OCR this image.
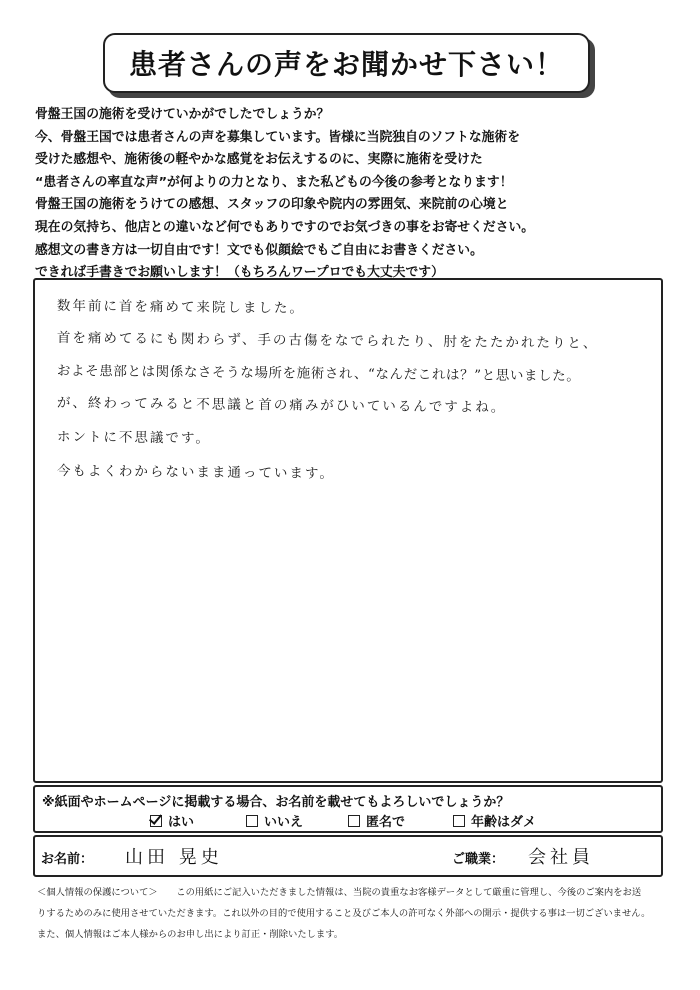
患者さんの声をお聞かせ下さい！
骨盤王国の施術を受けていかがでしたでしょうか？
今、骨盤王国では患者さんの声を募集しています。皆様に当院独自のソフトな施術を
受けた感想や、施術後の軽やかな感覚をお伝えするのに、実際に施術を受けた
“患者さんの率直な声”が何よりの力となり、また私どもの今後の参考となります！
骨盤王国の施術をうけての感想、スタッフの印象や院内の雰囲気、来院前の心境と
現在の気持ち、他店との違いなど何でもありですのでお気づきの事をお寄せください。
感想文の書き方は一切自由です！文でも似顔絵でもご自由にお書きください。
できれば手書きでお願いします！（もちろんワープロでも大丈夫です）
数年前に首を痛めて来院しました。
首を痛めてるにも関わらず、手の古傷をなでられたり、肘をたたかれたりと、
およそ患部とは関係なさそうな場所を施術され、“なんだこれは？”と思いました。
が、終わってみると不思議と首の痛みがひいているんですよね。
ホントに不思議です。
今もよくわからないまま通っています。
※紙面やホームページに掲載する場合、お名前を載せてもよろしいでしょうか？
はい	いいえ	匿名で	年齢はダメ
お名前： 山田 晃史	ご職業： 会社員
＜個人情報の保護について＞　　この用紙にご記入いただきました情報は、当院の貴重なお客様データとして厳重に管理し、今後のご案内をお送
りするためのみに使用させていただきます。これ以外の目的で使用すること及びご本人の許可なく外部への開示・提供する事は一切ございません。
また、個人情報はご本人様からのお申し出により訂正・削除いたします。
